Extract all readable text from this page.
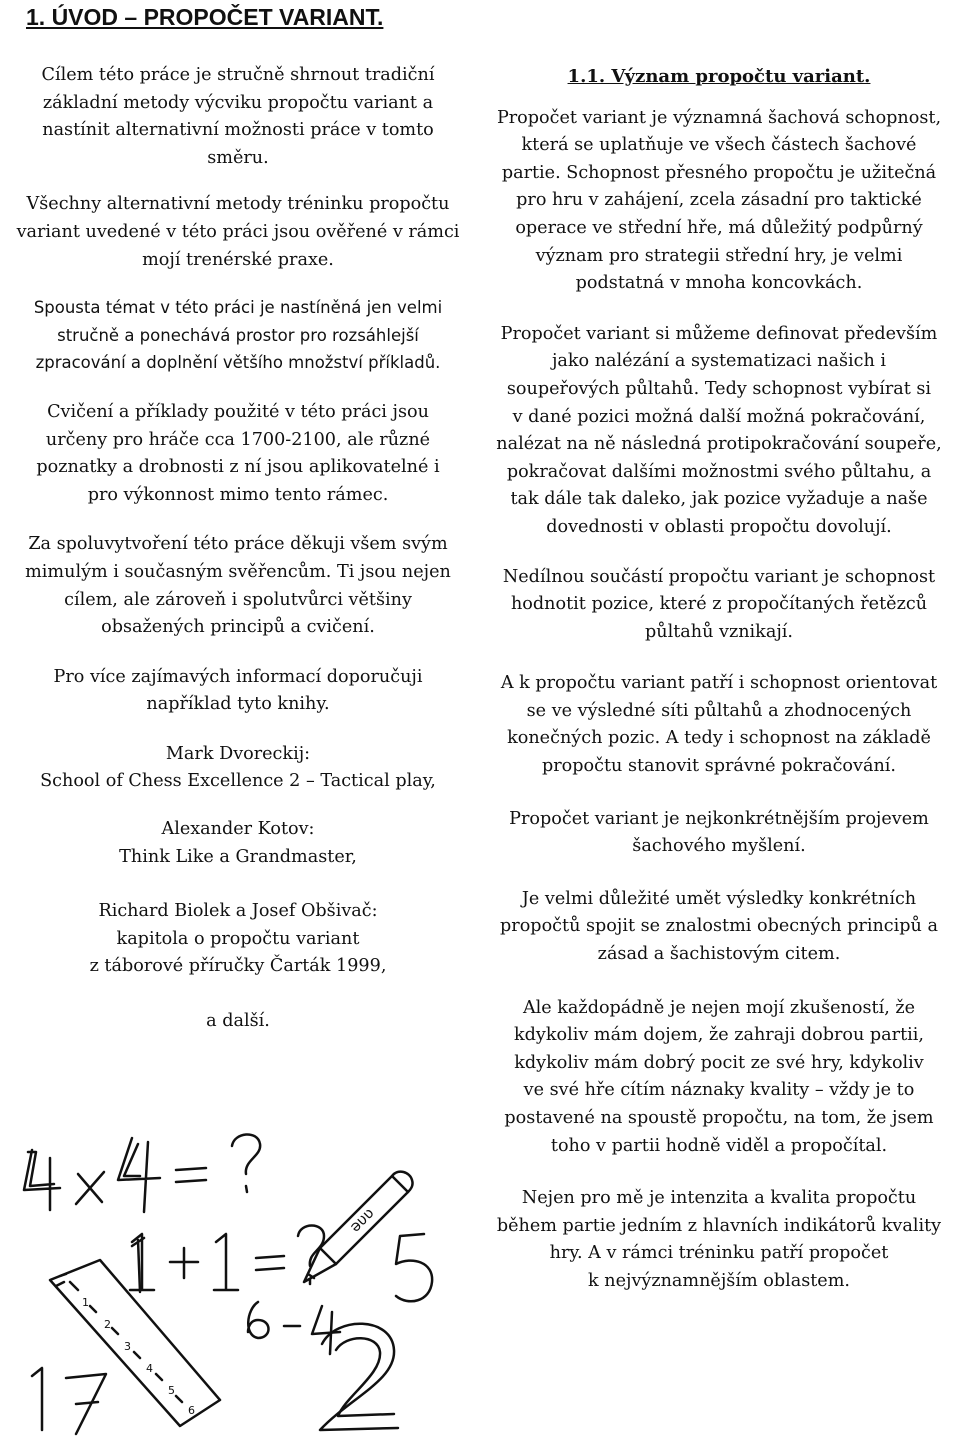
1. ÚVOD – PROPOČET VARIANT.

Cílem této práce je stručně shrnout tradiční
základní metody výcviku propočtu variant a
nastínit alternativní možnosti práce v tomto
směru.

Všechny alternativní metody tréninku propočtu
variant uvedené v této práci jsou ověřené v rámci
mojí trenérské praxe.

Spousta témat v této práci je nastíněná jen velmi
stručně a ponechává prostor pro rozsáhlejší
zpracování a doplnění většího množství příkladů.

Cvičení a příklady použité v této práci jsou
určeny pro hráče cca 1700-2100, ale různé
poznatky a drobnosti z ní jsou aplikovatelné i
pro výkonnost mimo tento rámec.

Za spoluvytvoření této práce děkuji všem svým
mimulým i současným svěřencům. Ti jsou nejen
cílem, ale zároveň i spolutvůrci většiny
obsažených principů a cvičení.

Pro více zajímavých informací doporučuji
například tyto knihy.

Mark Dvoreckij:
School of Chess Excellence 2 – Tactical play,

Alexander Kotov:
Think Like a Grandmaster,

Richard Biolek a Josef Obšivač:
kapitola o propočtu variant
z táborové příručky Čarták 1999,

a další.

1.1. Význam propočtu variant.

Propočet variant je významná šachová schopnost,
která se uplatňuje ve všech částech šachové
partie. Schopnost přesného propočtu je užitečná
pro hru v zahájení, zcela zásadní pro taktické
operace ve střední hře, má důležitý podpůrný
význam pro strategii střední hry, je velmi
podstatná v mnoha koncovkách.

Propočet variant si můžeme definovat především
jako nalézání a systematizaci našich i
soupeřových půltahů. Tedy schopnost vybírat si
v dané pozici možná další možná pokračování,
nalézat na ně následná protipokračování soupeře,
pokračovat dalšími možnostmi svého půltahu, a
tak dále tak daleko, jak pozice vyžaduje a naše
dovednosti v oblasti propočtu dovolují.

Nedílnou součástí propočtu variant je schopnost
hodnotit pozice, které z propočítaných řetězců
půltahů vznikají.

A k propočtu variant patří i schopnost orientovat
se ve výsledné síti půltahů a zhodnocených
konečných pozic. A tedy i schopnost na základě
propočtu stanovit správné pokračování.

Propočet variant je nejkonkrétnějším projevem
šachového myšlení.

Je velmi důležité umět výsledky konkrétních
propočtů spojit se znalostmi obecných principů a
zásad a šachistovým citem.

Ale každopádně je nejen mojí zkušeností, že
kdykoliv mám dojem, že zahraji dobrou partii,
kdykoliv mám dobrý pocit ze své hry, kdykoliv
ve své hře cítím náznaky kvality – vždy je to
postavené na spoustě propočtu, na tom, že jsem
toho v partii hodně viděl a propočítal.

Nejen pro mě je intenzita a kvalita propočtu
během partie jedním z hlavních indikátorů kvality
hry. A v rámci tréninku patří propočet
k nejvýznamnějším oblastem.

4 × 4 = ?
ǝυʋ
1
2
3
4
5
6
